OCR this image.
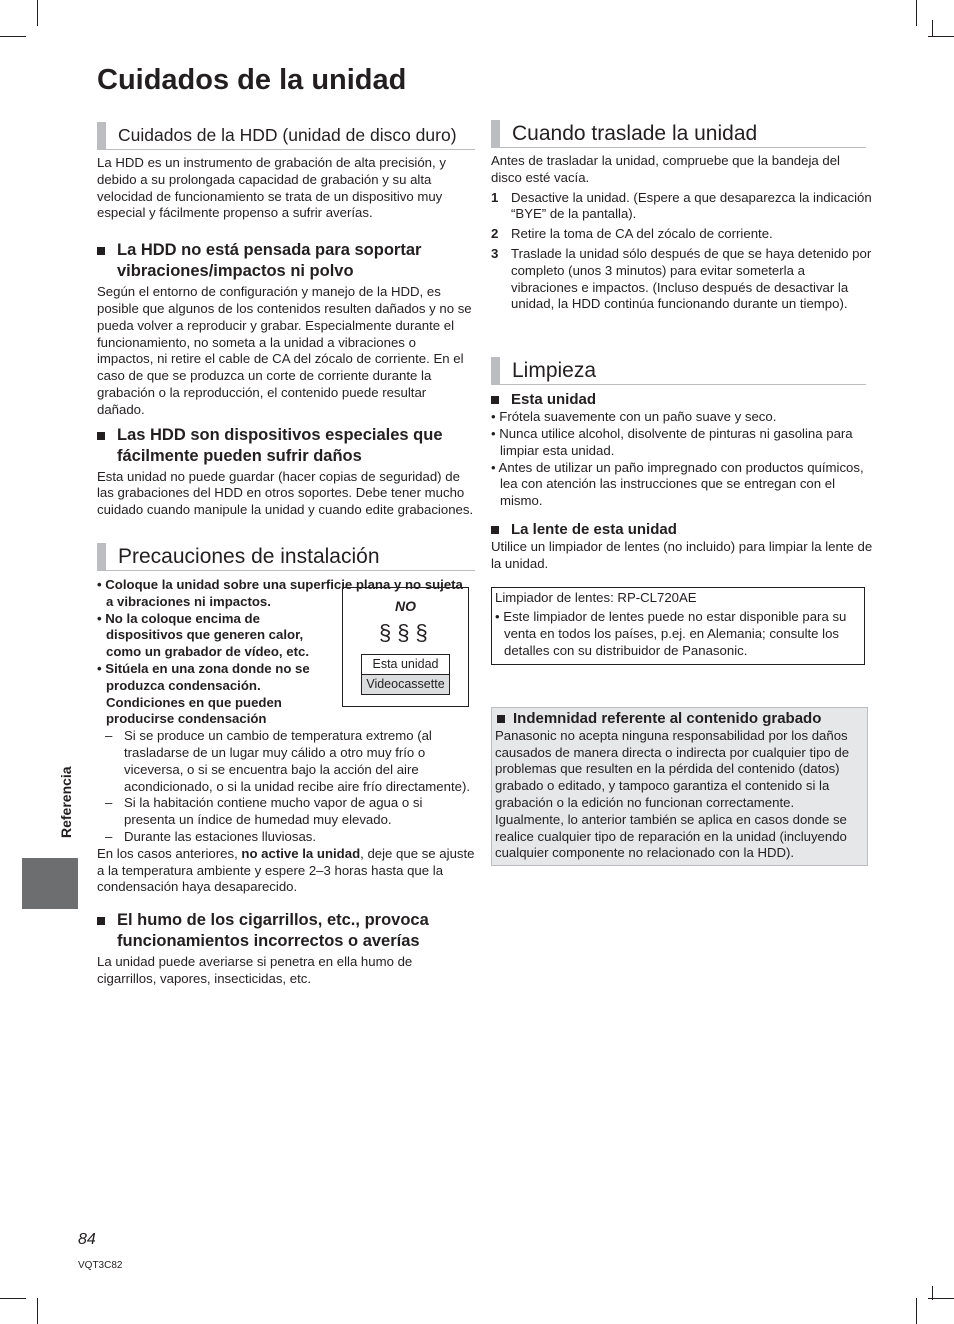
Cuidados de la unidad
Cuidados de la HDD (unidad de disco duro)

La HDD es un instrumento de grabación de alta precisión, y debido a su prolongada capacidad de grabación y su alta velocidad de funcionamiento se trata de un dispositivo muy especial y fácilmente propenso a sufrir averías.

La HDD no está pensada para soportar vibraciones/impactos ni polvo

Según el entorno de configuración y manejo de la HDD, es posible que algunos de los contenidos resulten dañados y no se pueda volver a reproducir y grabar. Especialmente durante el funcionamiento, no someta a la unidad a vibraciones o impactos, ni retire el cable de CA del zócalo de corriente. En el caso de que se produzca un corte de corriente durante la grabación o la reproducción, el contenido puede resultar dañado.

Las HDD son dispositivos especiales que fácilmente pueden sufrir daños

Esta unidad no puede guardar (hacer copias de seguridad) de las grabaciones del HDD en otros soportes. Debe tener mucho cuidado cuando manipule la unidad y cuando edite grabaciones.

Precauciones de instalación

• Coloque la unidad sobre una superficie plana y no sujeta a vibraciones ni impactos.

• No la coloque encima de dispositivos que generen calor, como un grabador de vídeo, etc.

• Sitúela en una zona donde no se produzca condensación.

Condiciones en que pueden producirse condensación

NO
§§§
Esta unidad
Videocassette
– Si se produce un cambio de temperatura extremo (al trasladarse de un lugar muy cálido a otro muy frío o viceversa, o si se encuentra bajo la acción del aire acondicionado, o si la unidad recibe aire frío directamente).
– Si la habitación contiene mucho vapor de agua o si presenta un índice de humedad muy elevado.
– Durante las estaciones lluviosas.

En los casos anteriores, no active la unidad, deje que se ajuste a la temperatura ambiente y espere 2–3 horas hasta que la condensación haya desaparecido.

El humo de los cigarrillos, etc., provoca funcionamientos incorrectos o averías

La unidad puede averiarse si penetra en ella humo de cigarrillos, vapores, insecticidas, etc.

Cuando traslade la unidad

Antes de trasladar la unidad, compruebe que la bandeja del disco esté vacía.

1 Desactive la unidad. (Espere a que desaparezca la indicación “BYE” de la pantalla).
2 Retire la toma de CA del zócalo de corriente.
3 Traslade la unidad sólo después de que se haya detenido por completo (unos 3 minutos) para evitar someterla a vibraciones e impactos. (Incluso después de desactivar la unidad, la HDD continúa funcionando durante un tiempo).
Limpieza
Esta unidad

• Frótela suavemente con un paño suave y seco.

• Nunca utilice alcohol, disolvente de pinturas ni gasolina para limpiar esta unidad.

• Antes de utilizar un paño impregnado con productos químicos, lea con atención las instrucciones que se entregan con el mismo.

La lente de esta unidad

Utilice un limpiador de lentes (no incluido) para limpiar la lente de la unidad.

Limpiador de lentes: RP-CL720AE

• Este limpiador de lentes puede no estar disponible para su venta en todos los países, p.ej. en Alemania; consulte los detalles con su distribuidor de Panasonic.

Indemnidad referente al contenido grabado

Panasonic no acepta ninguna responsabilidad por los daños causados de manera directa o indirecta por cualquier tipo de problemas que resulten en la pérdida del contenido (datos) grabado o editado, y tampoco garantiza el contenido si la grabación o la edición no funcionan correctamente. Igualmente, lo anterior también se aplica en casos donde se realice cualquier tipo de reparación en la unidad (incluyendo cualquier componente no relacionado con la HDD).

Referencia
84
VQT3C82
